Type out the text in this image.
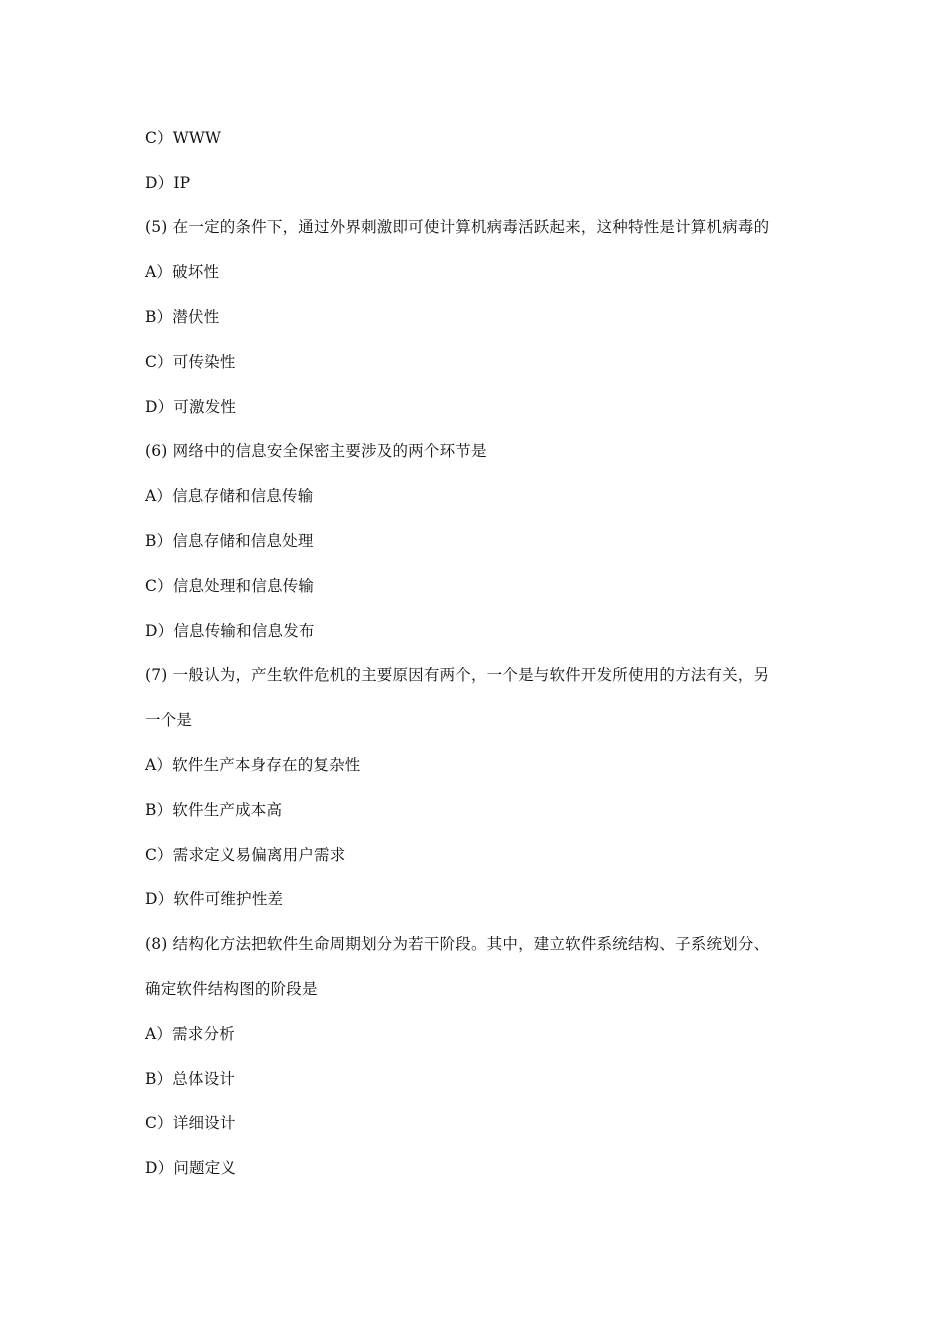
C）WWW
D）IP
(5) 在一定的条件下，通过外界刺激即可使计算机病毒活跃起来，这种特性是计算机病毒的
A）破坏性
B）潜伏性
C）可传染性
D）可激发性
(6) 网络中的信息安全保密主要涉及的两个环节是
A）信息存储和信息传输
B）信息存储和信息处理
C）信息处理和信息传输
D）信息传输和信息发布
(7) 一般认为，产生软件危机的主要原因有两个，一个是与软件开发所使用的方法有关，另
一个是
A）软件生产本身存在的复杂性
B）软件生产成本高
C）需求定义易偏离用户需求
D）软件可维护性差
(8) 结构化方法把软件生命周期划分为若干阶段。其中，建立软件系统结构、子系统划分、
确定软件结构图的阶段是
A）需求分析
B）总体设计
C）详细设计
D）问题定义
